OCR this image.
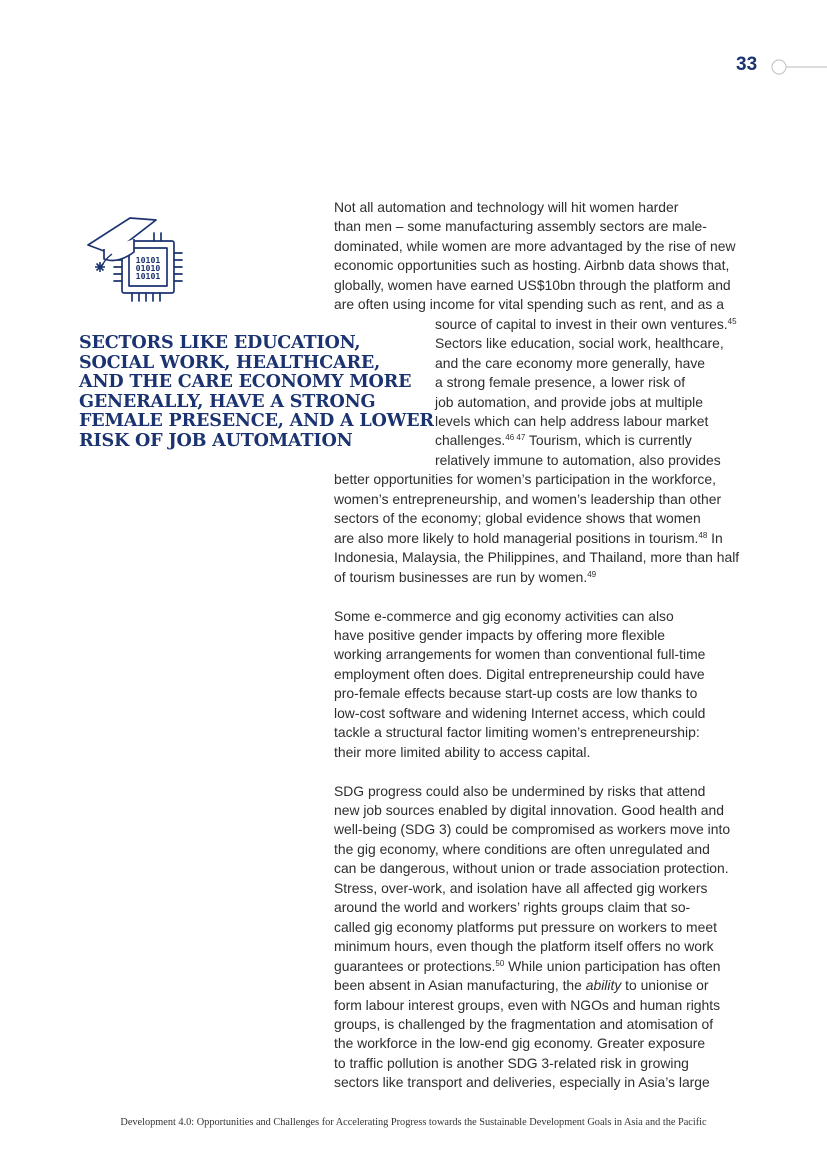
33
10101
01010
10101
SECTORS LIKE EDUCATION,
SOCIAL WORK, HEALTHCARE,
AND THE CARE ECONOMY MORE
GENERALLY, HAVE A STRONG
FEMALE PRESENCE, AND A LOWER
RISK OF JOB AUTOMATION

Not all automation and technology will hit women harder
than men – some manufacturing assembly sectors are male-
dominated, while women are more advantaged by the rise of new
economic opportunities such as hosting. Airbnb data shows that,
globally, women have earned US$10bn through the platform and
are often using income for vital spending such as rent, and as a
source of capital to invest in their own ventures.$^{45}$
Sectors like education, social work, healthcare,
and the care economy more generally, have
a strong female presence, a lower risk of
job automation, and provide jobs at multiple
levels which can help address labour market
challenges.$^{46 47}$ Tourism, which is currently
relatively immune to automation, also provides
better opportunities for women’s participation in the workforce,
women’s entrepreneurship, and women’s leadership than other
sectors of the economy; global evidence shows that women
are also more likely to hold managerial positions in tourism.$^{48}$ In
Indonesia, Malaysia, the Philippines, and Thailand, more than half
of tourism businesses are run by women.$^{49}$

Some e-commerce and gig economy activities can also
have positive gender impacts by offering more flexible
working arrangements for women than conventional full-time
employment often does. Digital entrepreneurship could have
pro-female effects because start-up costs are low thanks to
low-cost software and widening Internet access, which could
tackle a structural factor limiting women’s entrepreneurship:
their more limited ability to access capital.

SDG progress could also be undermined by risks that attend
new job sources enabled by digital innovation. Good health and
well-being (SDG 3) could be compromised as workers move into
the gig economy, where conditions are often unregulated and
can be dangerous, without union or trade association protection.
Stress, over-work, and isolation have all affected gig workers
around the world and workers’ rights groups claim that so-
called gig economy platforms put pressure on workers to meet
minimum hours, even though the platform itself offers no work
guarantees or protections.$^{50}$ While union participation has often
been absent in Asian manufacturing, the ability to unionise or
form labour interest groups, even with NGOs and human rights
groups, is challenged by the fragmentation and atomisation of
the workforce in the low-end gig economy. Greater exposure
to traffic pollution is another SDG 3-related risk in growing
sectors like transport and deliveries, especially in Asia’s large

Development 4.0: Opportunities and Challenges for Accelerating Progress towards the Sustainable Development Goals in Asia and the Pacific
